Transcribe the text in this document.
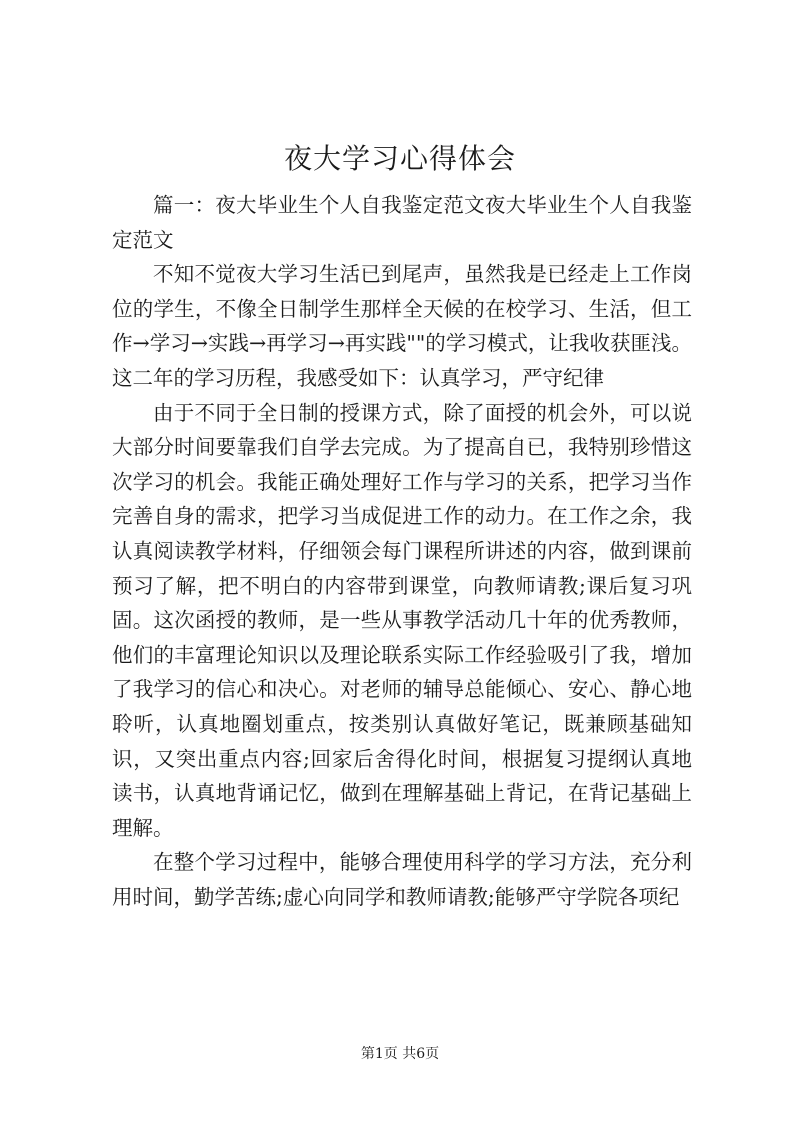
夜大学习心得体会

篇一：夜大毕业生个人自我鉴定范文夜大毕业生个人自我鉴定范文

不知不觉夜大学习生活已到尾声，虽然我是已经走上工作岗位的学生，不像全日制学生那样全天候的在校学习、生活，但工作→学习→实践→再学习→再实践""的学习模式，让我收获匪浅。这二年的学习历程，我感受如下：认真学习，严守纪律

由于不同于全日制的授课方式，除了面授的机会外，可以说大部分时间要靠我们自学去完成。为了提高自已，我特别珍惜这次学习的机会。我能正确处理好工作与学习的关系，把学习当作完善自身的需求，把学习当成促进工作的动力。在工作之余，我认真阅读教学材料，仔细领会每门课程所讲述的内容，做到课前预习了解，把不明白的内容带到课堂，向教师请教;课后复习巩固。这次函授的教师，是一些从事教学活动几十年的优秀教师，他们的丰富理论知识以及理论联系实际工作经验吸引了我，增加了我学习的信心和决心。对老师的辅导总能倾心、安心、静心地聆听，认真地圈划重点，按类别认真做好笔记，既兼顾基础知识，又突出重点内容;回家后舍得化时间，根据复习提纲认真地读书，认真地背诵记忆，做到在理解基础上背记，在背记基础上理解。

在整个学习过程中，能够合理使用科学的学习方法，充分利用时间，勤学苦练;虚心向同学和教师请教;能够严守学院各项纪

第1页 共6页
